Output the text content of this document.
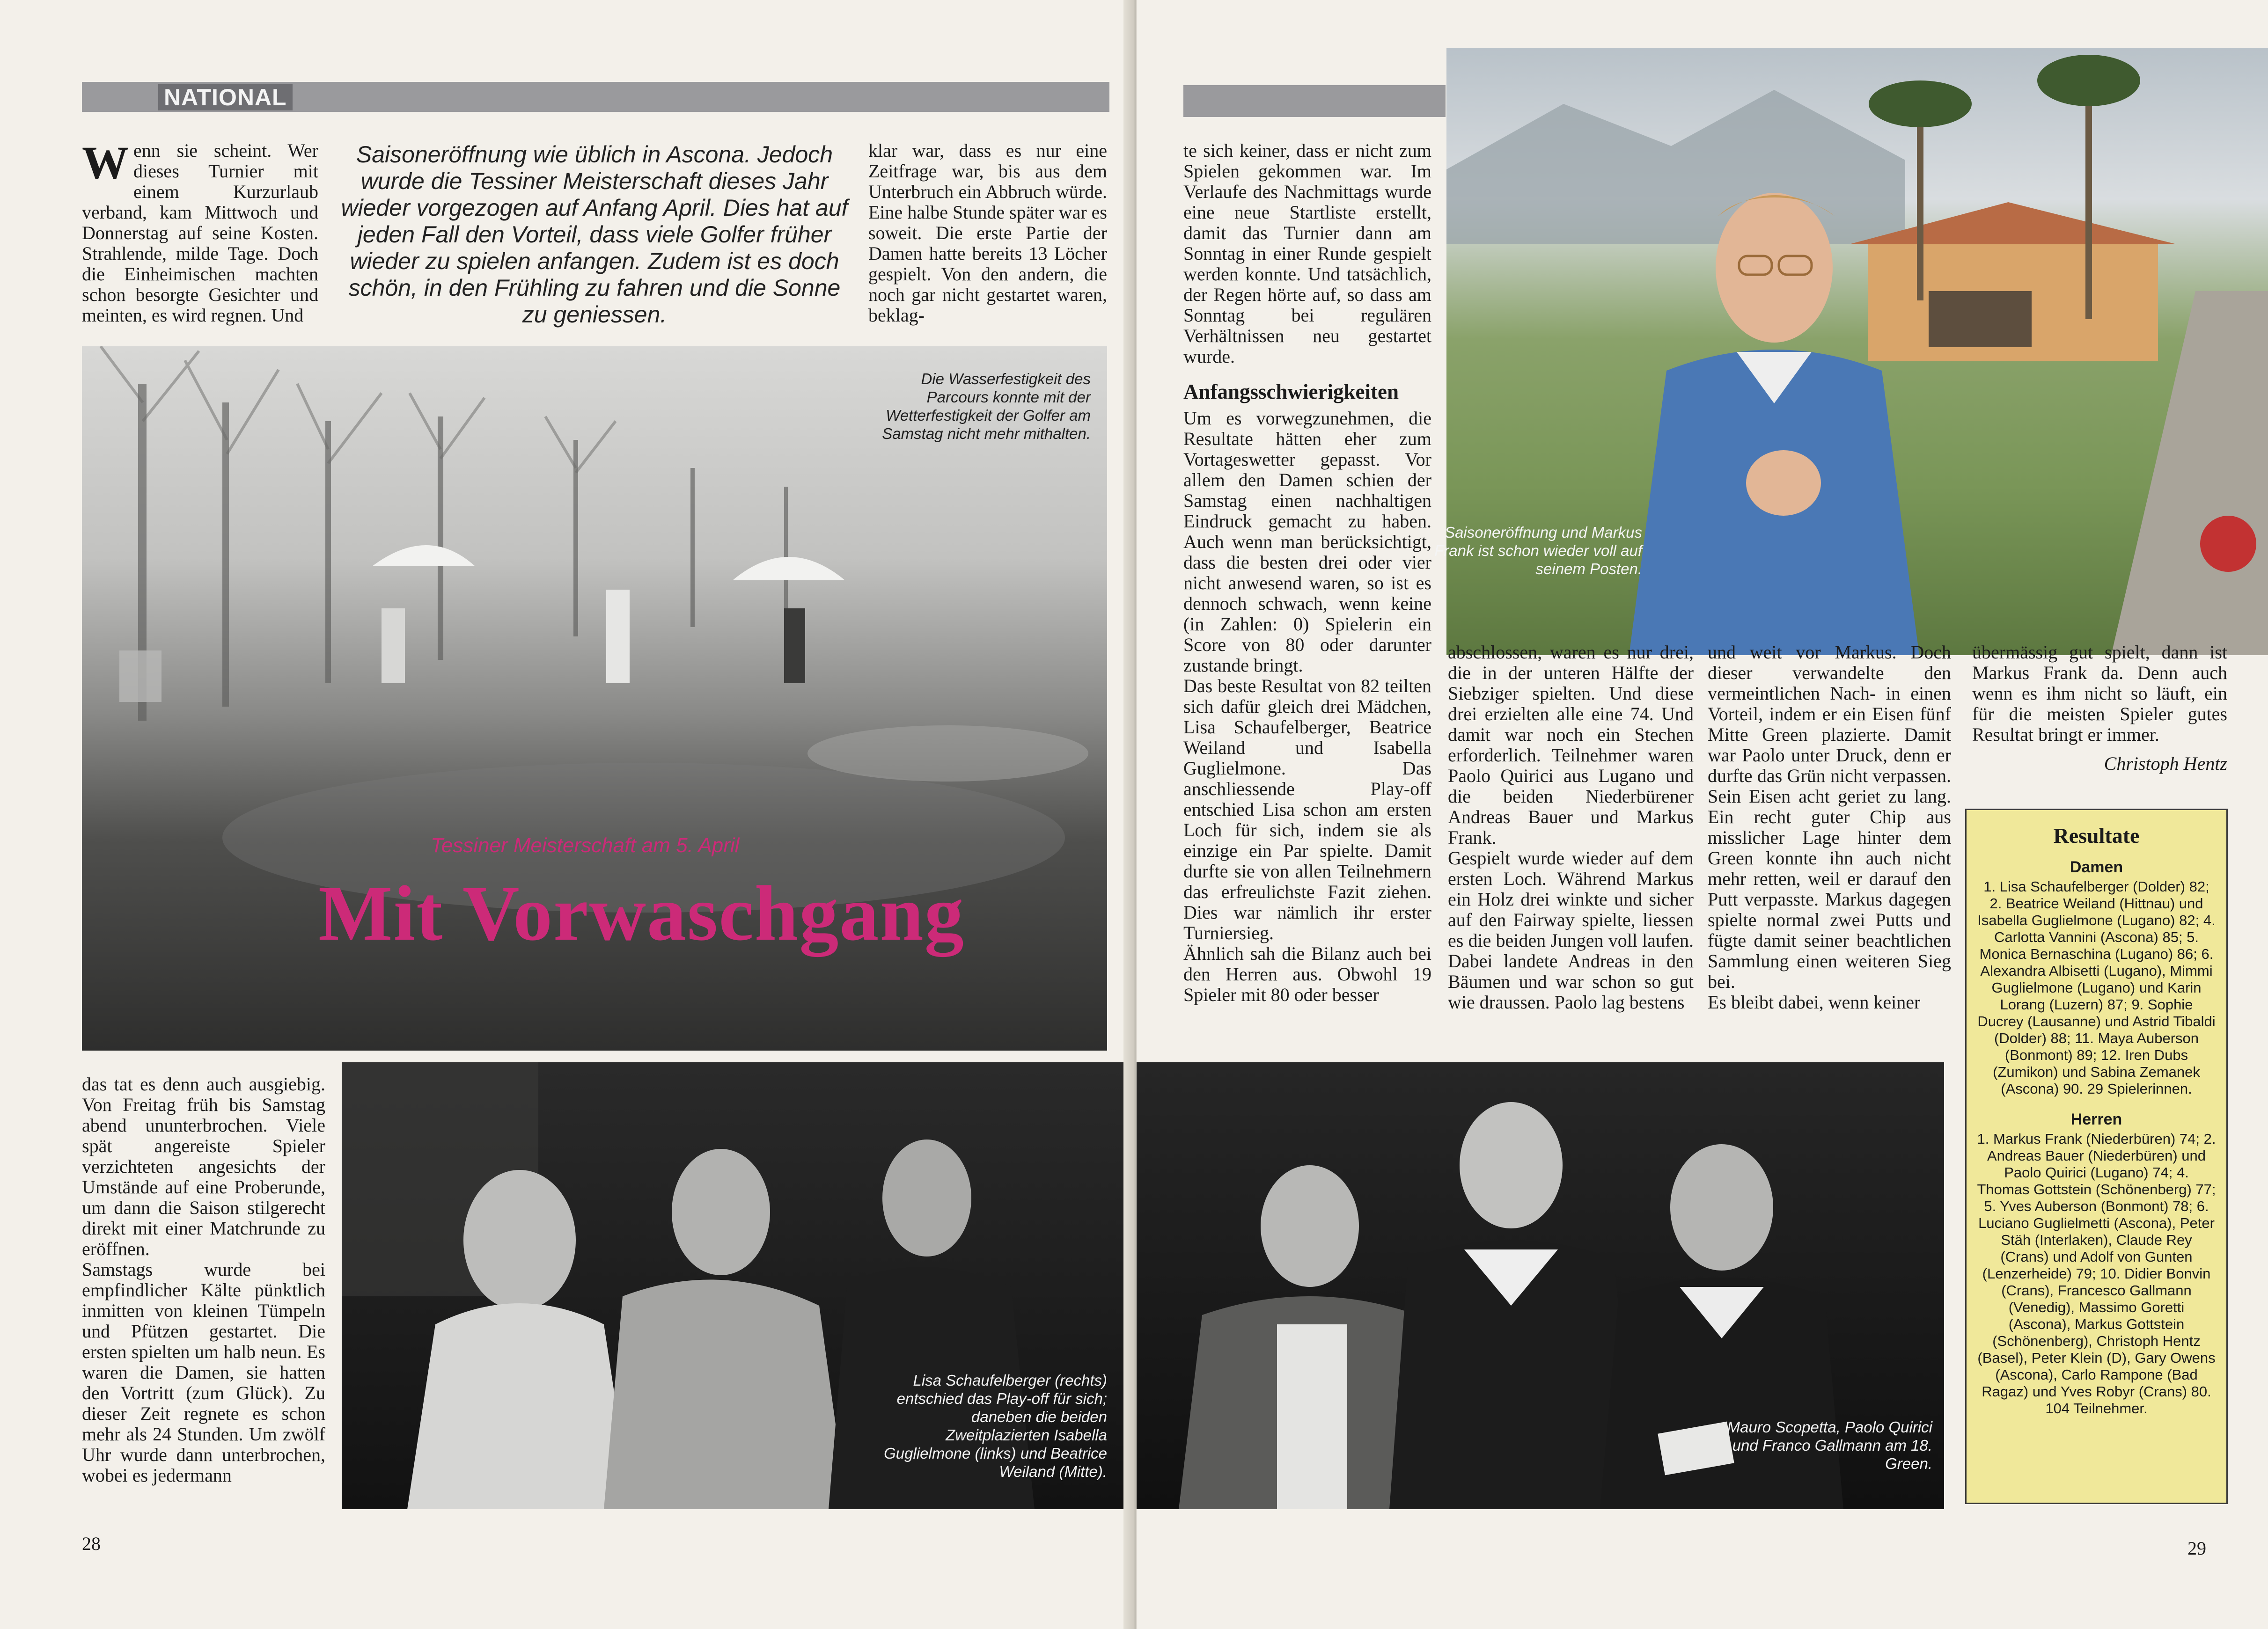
NATIONAL
Wenn sie scheint. Wer dieses Turnier mit einem Kurzurlaub verband, kam Mittwoch und Donnerstag auf seine Kosten. Strahlende, milde Tage. Doch die Einheimischen machten schon besorgte Gesichter und meinten, es wird regnen. Und
Saisoneröffnung wie üblich in Ascona. Jedoch wurde die Tessiner Meisterschaft dieses Jahr wieder vorgezogen auf Anfang April. Dies hat auf jeden Fall den Vorteil, dass viele Golfer früher wieder zu spielen anfangen. Zudem ist es doch schön, in den Frühling zu fahren und die Sonne zu geniessen.
klar war, dass es nur eine Zeitfrage war, bis aus dem Unterbruch ein Abbruch würde. Eine halbe Stunde später war es soweit. Die erste Partie der Damen hatte bereits 13 Löcher gespielt. Von den andern, die noch gar nicht gestartet waren, beklag-
Die Wasserfestigkeit des Parcours konnte mit der Wetterfestigkeit der Golfer am Samstag nicht mehr mithalten.
Tessiner Meisterschaft am 5. April
Mit Vorwaschgang

das tat es denn auch ausgiebig. Von Freitag früh bis Samstag abend ununterbrochen. Viele spät angereiste Spieler verzichteten angesichts der Umstände auf eine Proberunde, um dann die Saison stilgerecht direkt mit einer Matchrunde zu eröffnen.

Samstags wurde bei empfindlicher Kälte pünktlich inmitten von kleinen Tümpeln und Pfützen gestartet. Die ersten spielten um halb neun. Es waren die Damen, sie hatten den Vortritt (zum Glück). Zu dieser Zeit regnete es schon mehr als 24 Stunden. Um zwölf Uhr wurde dann unterbrochen, wobei es jedermann

Lisa Schaufelberger (rechts) entschied das Play-off für sich; daneben die beiden Zweitplazierten Isabella Guglielmone (links) und Beatrice Weiland (Mitte).
28
Saisoneröffnung und Markus Frank ist schon wieder voll auf seinem Posten.

te sich keiner, dass er nicht zum Spielen gekommen war. Im Verlaufe des Nachmittags wurde eine neue Startliste erstellt, damit das Turnier dann am Sonntag in einer Runde gespielt werden konnte. Und tatsächlich, der Regen hörte auf, so dass am Sonntag bei regulären Verhältnissen neu gestartet wurde.

Anfangsschwierigkeiten

Um es vorwegzunehmen, die Resultate hätten eher zum Vortageswetter gepasst. Vor allem den Damen schien der Samstag einen nachhaltigen Eindruck gemacht zu haben. Auch wenn man berücksichtigt, dass die besten drei oder vier nicht anwesend waren, so ist es dennoch schwach, wenn keine (in Zahlen: 0) Spielerin ein Score von 80 oder darunter zustande bringt.

Das beste Resultat von 82 teilten sich dafür gleich drei Mädchen, Lisa Schaufelberger, Beatrice Weiland und Isabella Guglielmone. Das anschliessende Play-off entschied Lisa schon am ersten Loch für sich, indem sie als einzige ein Par spielte. Damit durfte sie von allen Teilnehmern das erfreulichste Fazit ziehen. Dies war nämlich ihr erster Turniersieg.

Ähnlich sah die Bilanz auch bei den Herren aus. Obwohl 19 Spieler mit 80 oder besser

abschlossen, waren es nur drei, die in der unteren Hälfte der Siebziger spielten. Und diese drei erzielten alle eine 74. Und damit war noch ein Stechen erforderlich. Teilnehmer waren Paolo Quirici aus Lugano und die beiden Niederbürener Andreas Bauer und Markus Frank.

Gespielt wurde wieder auf dem ersten Loch. Während Markus ein Holz drei winkte und sicher auf den Fairway spielte, liessen es die beiden Jungen voll laufen. Dabei landete Andreas in den Bäumen und war schon so gut wie draussen. Paolo lag bestens

und weit vor Markus. Doch dieser verwandelte den vermeintlichen Nach- in einen Vorteil, indem er ein Eisen fünf Mitte Green plazierte. Damit war Paolo unter Druck, denn er durfte das Grün nicht verpassen. Sein Eisen acht geriet zu lang. Ein recht guter Chip aus misslicher Lage hinter dem Green konnte ihn auch nicht mehr retten, weil er darauf den Putt verpasste. Markus dagegen spielte normal zwei Putts und fügte damit seiner beachtlichen Sammlung einen weiteren Sieg bei.

Es bleibt dabei, wenn keiner

übermässig gut spielt, dann ist Markus Frank da. Denn auch wenn es ihm nicht so läuft, ein für die meisten Spieler gutes Resultat bringt er immer.

Christoph Hentz

Mauro Scopetta, Paolo Quirici und Franco Gallmann am 18. Green.
Resultate
Damen
1. Lisa Schaufelberger (Dolder) 82; 2. Beatrice Weiland (Hittnau) und Isabella Guglielmone (Lugano) 82; 4. Carlotta Vannini (Ascona) 85; 5. Monica Bernaschina (Lugano) 86; 6. Alexandra Albisetti (Lugano), Mimmi Guglielmone (Lugano) und Karin Lorang (Luzern) 87; 9. Sophie Ducrey (Lausanne) und Astrid Tibaldi (Dolder) 88; 11. Maya Auberson (Bonmont) 89; 12. Iren Dubs (Zumikon) und Sabina Zemanek (Ascona) 90. 29 Spielerinnen.
Herren
1. Markus Frank (Niederbüren) 74; 2. Andreas Bauer (Niederbüren) und Paolo Quirici (Lugano) 74; 4. Thomas Gottstein (Schönenberg) 77; 5. Yves Auberson (Bonmont) 78; 6. Luciano Guglielmetti (Ascona), Peter Stäh (Interlaken), Claude Rey (Crans) und Adolf von Gunten (Lenzerheide) 79; 10. Didier Bonvin (Crans), Francesco Gallmann (Venedig), Massimo Goretti (Ascona), Markus Gottstein (Schönenberg), Christoph Hentz (Basel), Peter Klein (D), Gary Owens (Ascona), Carlo Rampone (Bad Ragaz) und Yves Robyr (Crans) 80. 104 Teilnehmer.
29
